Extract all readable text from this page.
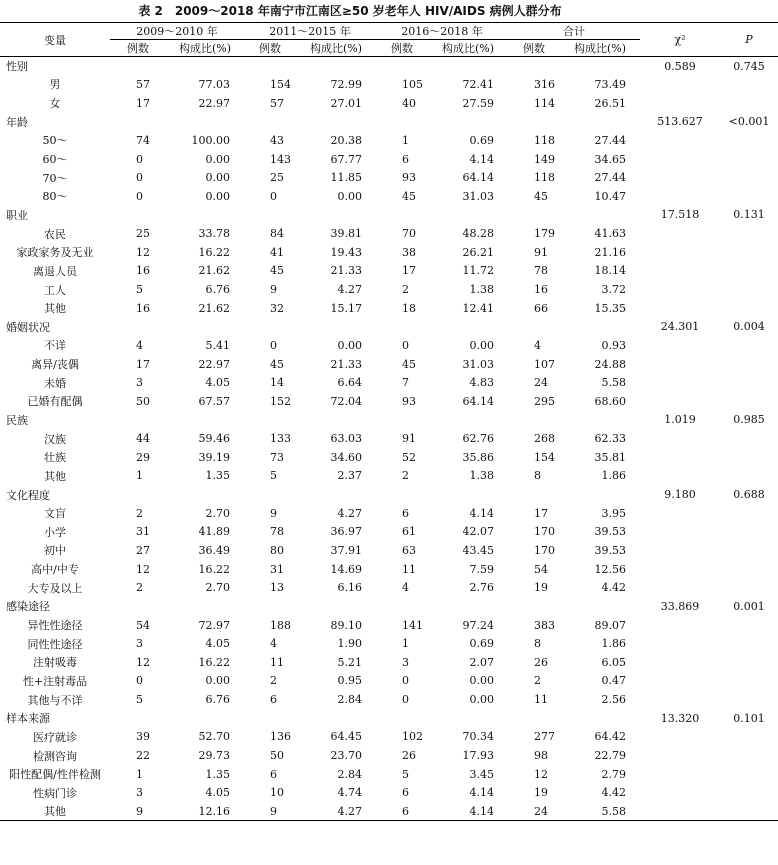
表 2　2009～2018 年南宁市江南区≥50 岁老年人 HIV/AIDS 病例人群分布
变量	2009～2010 年		2011～2015 年		2016～2018 年		合计		χ²	P
	例数	构成比(%)	例数	构成比(%)	例数	构成比(%)	例数	构成比(%)		
性别									0.589	0.745
男	57	77.03	154	72.99	105	72.41	316	73.49		
女	17	22.97	57	27.01	40	27.59	114	26.51		
年龄									513.627	<0.001
50～	74	100.00	43	20.38	1	0.69	118	27.44		
60～	0	0.00	143	67.77	6	4.14	149	34.65		
70～	0	0.00	25	11.85	93	64.14	118	27.44		
80～	0	0.00	0	0.00	45	31.03	45	10.47		
职业									17.518	0.131
农民	25	33.78	84	39.81	70	48.28	179	41.63		
家政家务及无业	12	16.22	41	19.43	38	26.21	91	21.16		
离退人员	16	21.62	45	21.33	17	11.72	78	18.14		
工人	5	6.76	9	4.27	2	1.38	16	3.72		
其他	16	21.62	32	15.17	18	12.41	66	15.35		
婚姻状况									24.301	0.004
不详	4	5.41	0	0.00	0	0.00	4	0.93		
离异/丧偶	17	22.97	45	21.33	45	31.03	107	24.88		
未婚	3	4.05	14	6.64	7	4.83	24	5.58		
已婚有配偶	50	67.57	152	72.04	93	64.14	295	68.60		
民族									1.019	0.985
汉族	44	59.46	133	63.03	91	62.76	268	62.33		
壮族	29	39.19	73	34.60	52	35.86	154	35.81		
其他	1	1.35	5	2.37	2	1.38	8	1.86		
文化程度									9.180	0.688
文盲	2	2.70	9	4.27	6	4.14	17	3.95		
小学	31	41.89	78	36.97	61	42.07	170	39.53		
初中	27	36.49	80	37.91	63	43.45	170	39.53		
高中/中专	12	16.22	31	14.69	11	7.59	54	12.56		
大专及以上	2	2.70	13	6.16	4	2.76	19	4.42		
感染途径									33.869	0.001
异性性途径	54	72.97	188	89.10	141	97.24	383	89.07		
同性性途径	3	4.05	4	1.90	1	0.69	8	1.86		
注射吸毒	12	16.22	11	5.21	3	2.07	26	6.05		
性+注射毒品	0	0.00	2	0.95	0	0.00	2	0.47		
其他与不详	5	6.76	6	2.84	0	0.00	11	2.56		
样本来源									13.320	0.101
医疗就诊	39	52.70	136	64.45	102	70.34	277	64.42		
检测咨询	22	29.73	50	23.70	26	17.93	98	22.79		
阳性配偶/性伴检测	1	1.35	6	2.84	5	3.45	12	2.79		
性病门诊	3	4.05	10	4.74	6	4.14	19	4.42		
其他	9	12.16	9	4.27	6	4.14	24	5.58		
